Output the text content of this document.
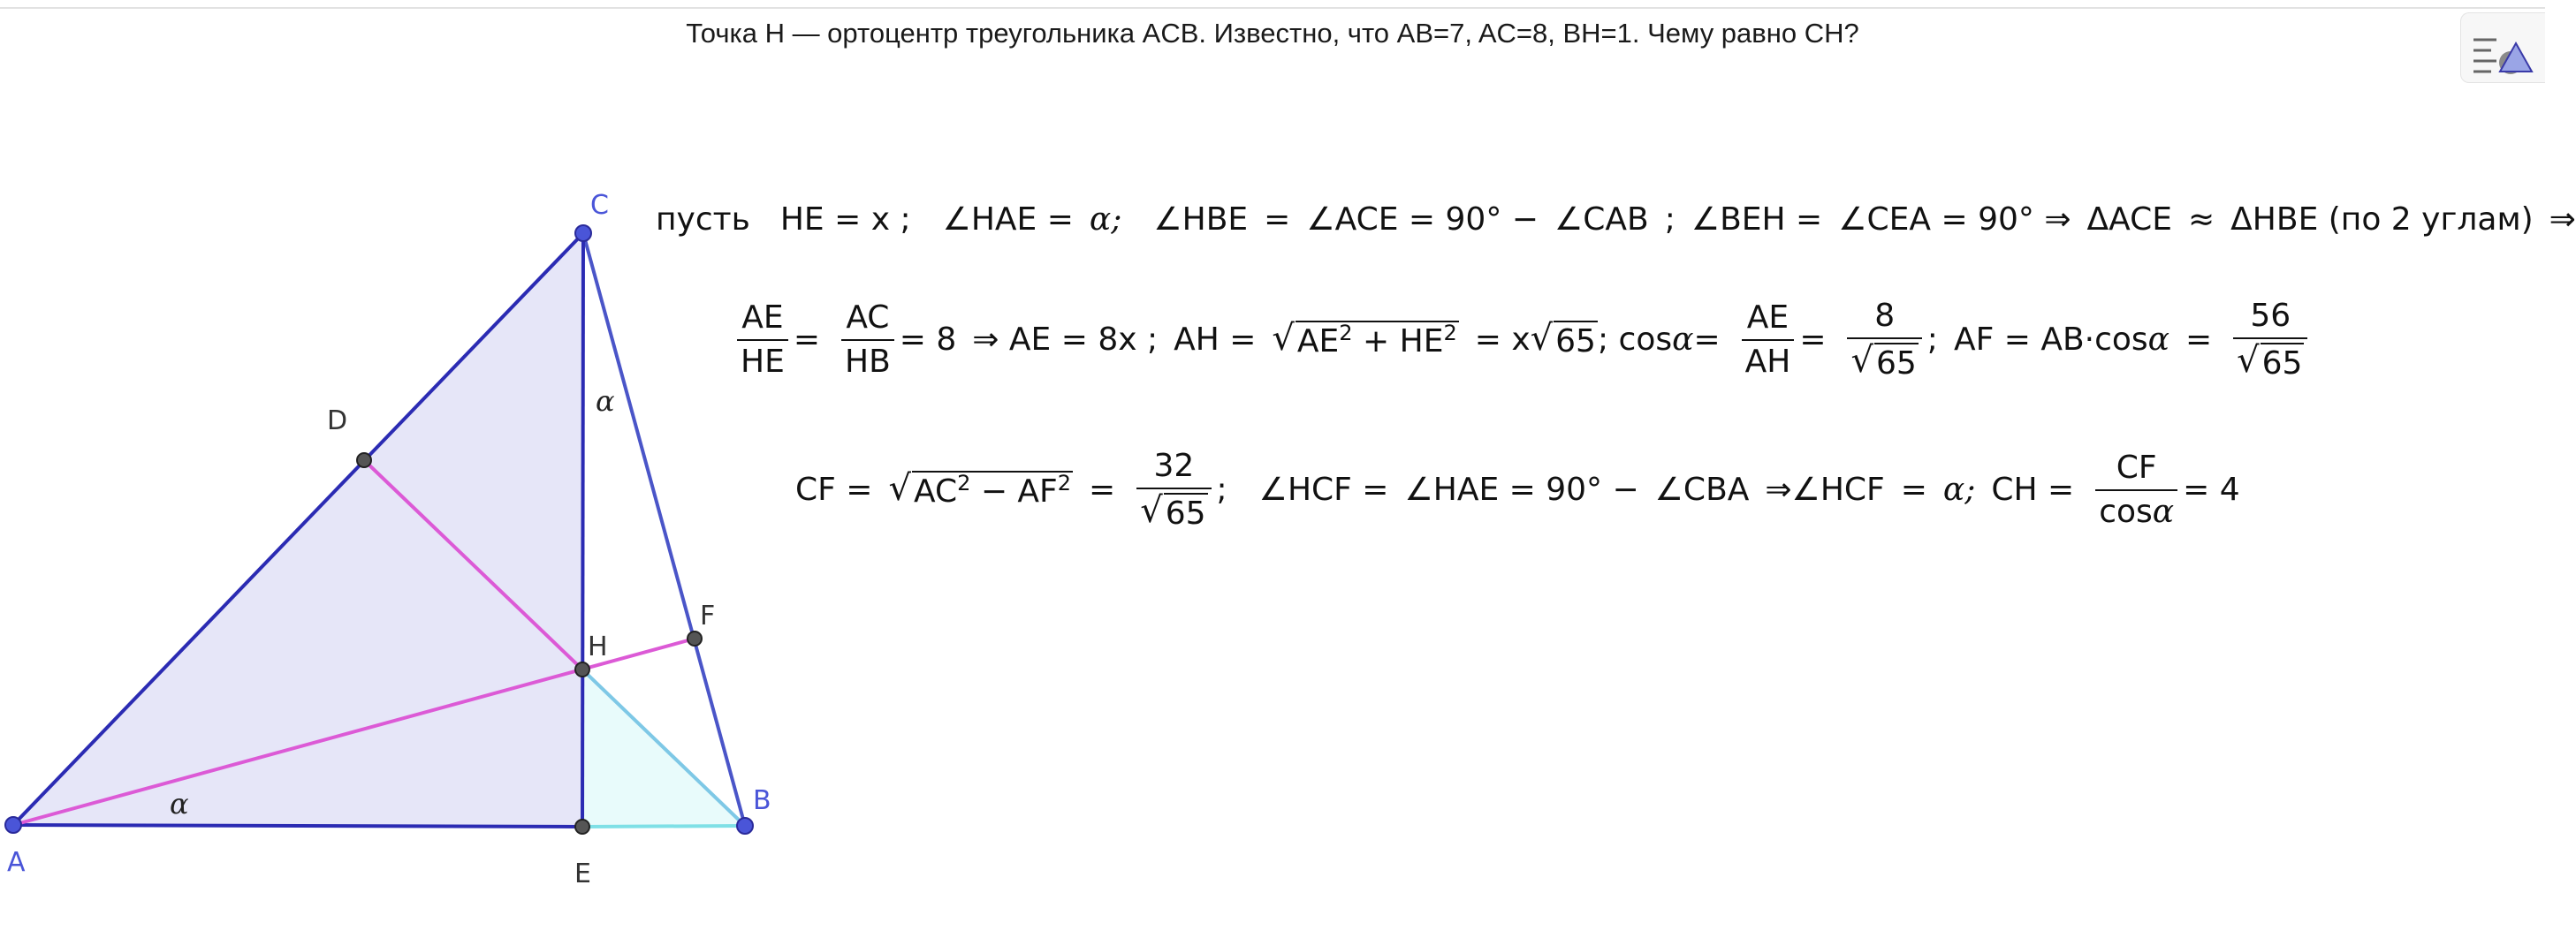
Точка H — ортоцентр треугольника ACB. Известно, что AB=7, AC=8, BH=1. Чему равно CH?
A
B
C
D
E
F
H
α
α
пусть HE = x ; ∠HAE = α; ∠HBE = ∠ACE = 90° − ∠CAB ; ∠BEH = ∠CEA = 90° ⇒ ΔACE ≈ ΔHBE (по 2 углам) ⇒
$\frac{AE}{HE} = \frac{AC}{HB} = 8$ ⇒ AE = 8x ; AH = √ $AE^2 + HE^2 = x$ √ 65 ; $\cos \alpha = \frac{AE}{AH} = \frac{8}{√ 65}$ ; AF = $AB\cdot \cos \alpha = \frac{56}{√ 65}$
CF = √ $AC^2 - AF^2 = \frac{32}{√ 65}$ ; ∠HCF = ∠HAE = 90° − ∠CBA ⇒∠HCF = α; CH = $\frac{CF}{\cos\alpha} = 4$
